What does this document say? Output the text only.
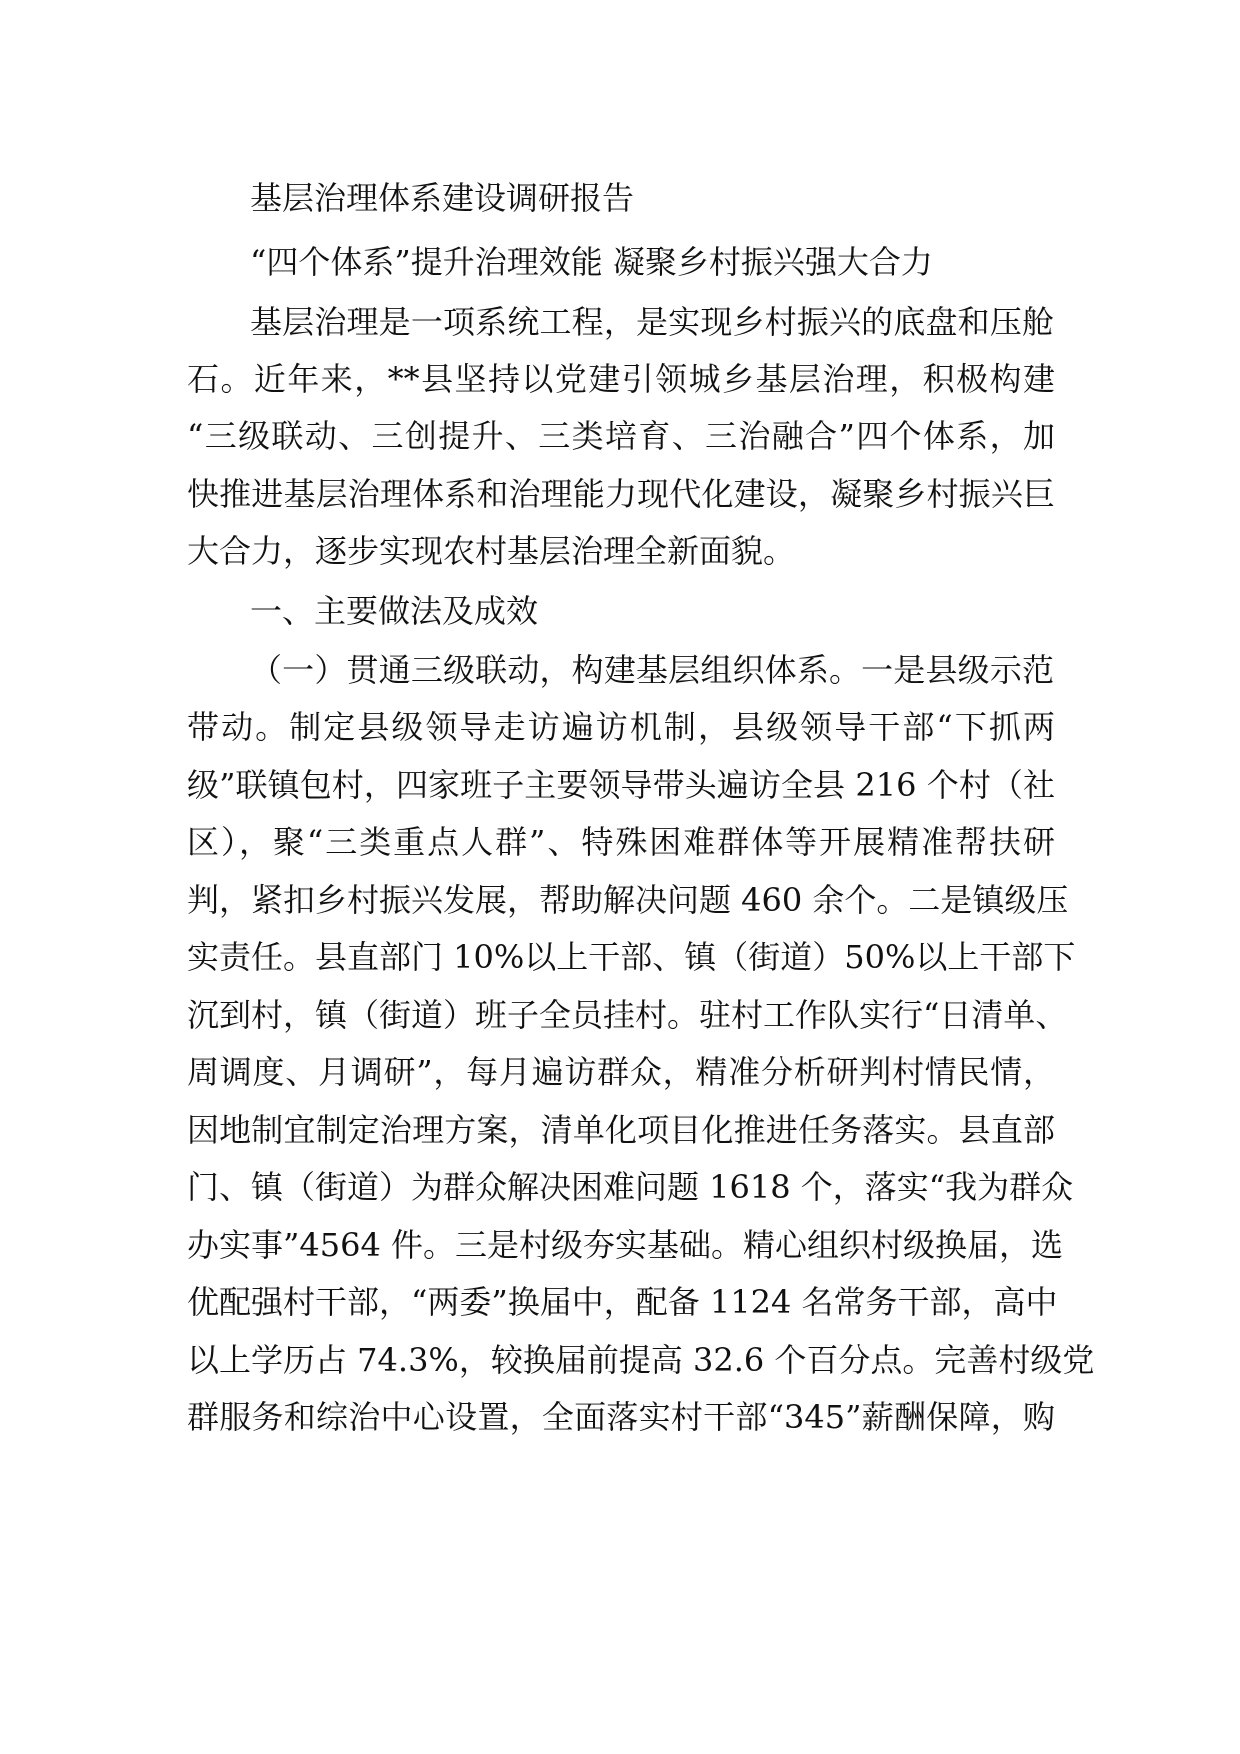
基层治理体系建设调研报告

“四个体系”提升治理效能 凝聚乡村振兴强大合力

基层治理是一项系统工程，是实现乡村振兴的底盘和压舱

石。近年来，**县坚持以党建引领城乡基层治理，积极构建

“三级联动、三创提升、三类培育、三治融合”四个体系，加

快推进基层治理体系和治理能力现代化建设，凝聚乡村振兴巨

大合力，逐步实现农村基层治理全新面貌。

一、主要做法及成效

（一）贯通三级联动，构建基层组织体系。一是县级示范

带动。制定县级领导走访遍访机制，县级领导干部“下抓两

级”联镇包村，四家班子主要领导带头遍访全县 216 个村（社

区），聚“三类重点人群”、特殊困难群体等开展精准帮扶研

判，紧扣乡村振兴发展，帮助解决问题 460 余个。二是镇级压

实责任。县直部门 10%以上干部、镇（街道）50%以上干部下

沉到村，镇（街道）班子全员挂村。驻村工作队实行“日清单、

周调度、月调研”，每月遍访群众，精准分析研判村情民情，

因地制宜制定治理方案，清单化项目化推进任务落实。县直部

门、镇（街道）为群众解决困难问题 1618 个，落实“我为群众

办实事”4564 件。三是村级夯实基础。精心组织村级换届，选

优配强村干部，“两委”换届中，配备 1124 名常务干部，高中

以上学历占 74.3%，较换届前提高 32.6 个百分点。完善村级党

群服务和综治中心设置，全面落实村干部“345”薪酬保障，购
